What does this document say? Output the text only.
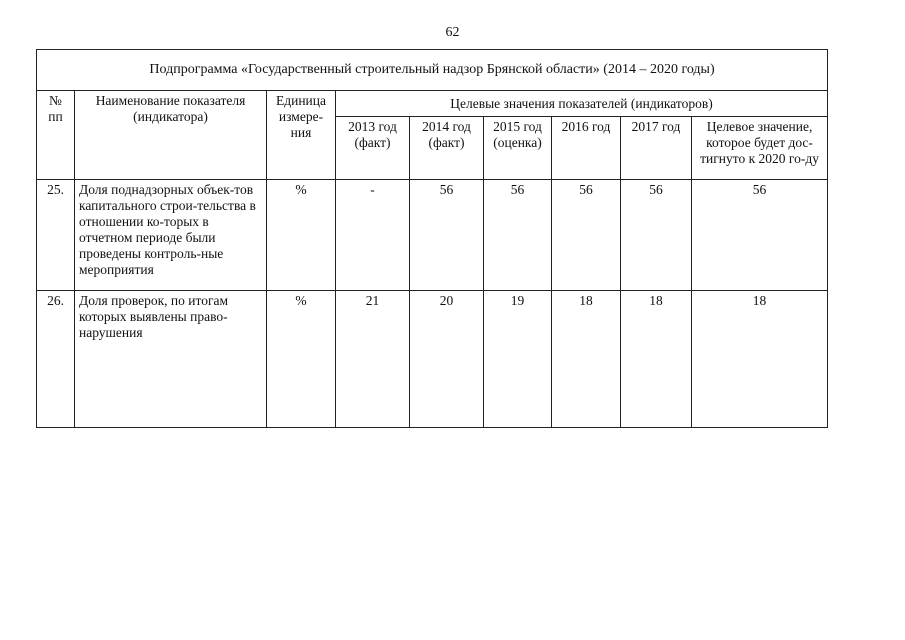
62
Подпрограмма «Государственный строительный надзор Брянской области» (2014 – 2020 годы)								
№ пп	Наименование показателя (индикатора)	Единица измере-ния	Целевые значения показателей (индикаторов)					
			2013 год (факт)	2014 год (факт)	2015 год (оценка)	2016 год	2017 год	Целевое значение, которое будет дос-тигнуто к 2020 го-ду
25.	Доля поднадзорных объек-тов капитального строи-тельства в отношении ко-торых в отчетном периоде были проведены контроль-ные мероприятия	%	-	56	56	56	56	56
26.	Доля проверок, по итогам которых выявлены право-нарушения	%	21	20	19	18	18	18
